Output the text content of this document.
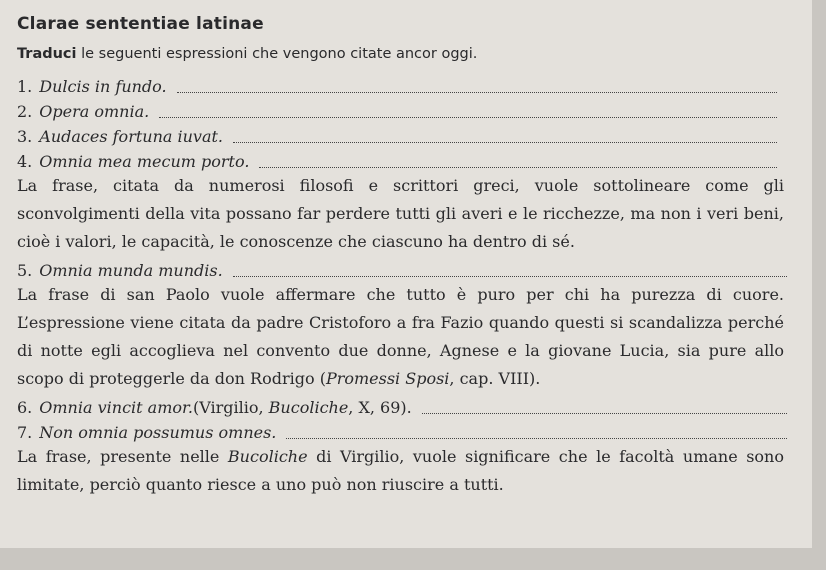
Clarae sententiae latinae
Traduci le seguenti espressioni che vengono citate ancor oggi.
1. Dulcis in fundo.
2. Opera omnia.
3. Audaces fortuna iuvat.
4. Omnia mea mecum porto.

La frase, citata da numerosi filosofi e scrittori greci, vuole sottolineare come gli sconvolgimenti della vita possano far perdere tutti gli averi e le ricchezze, ma non i veri beni, cioè i valori, le capacità, le conoscenze che ciascuno ha dentro di sé.

5. Omnia munda mundis.

La frase di san Paolo vuole affermare che tutto è puro per chi ha purezza di cuore. L’espressione viene citata da padre Cristoforo a fra Fazio quando questi si scandalizza perché di notte egli accoglieva nel convento due donne, Agnese e la giovane Lucia, sia pure allo scopo di proteggerle da don Rodrigo (Promessi Sposi, cap. VIII).

6. Omnia vincit amor. (Virgilio, Bucoliche, X, 69).
7. Non omnia possumus omnes.

La frase, presente nelle Bucoliche di Virgilio, vuole significare che le facoltà umane sono limitate, perciò quanto riesce a uno può non riuscire a tutti.
